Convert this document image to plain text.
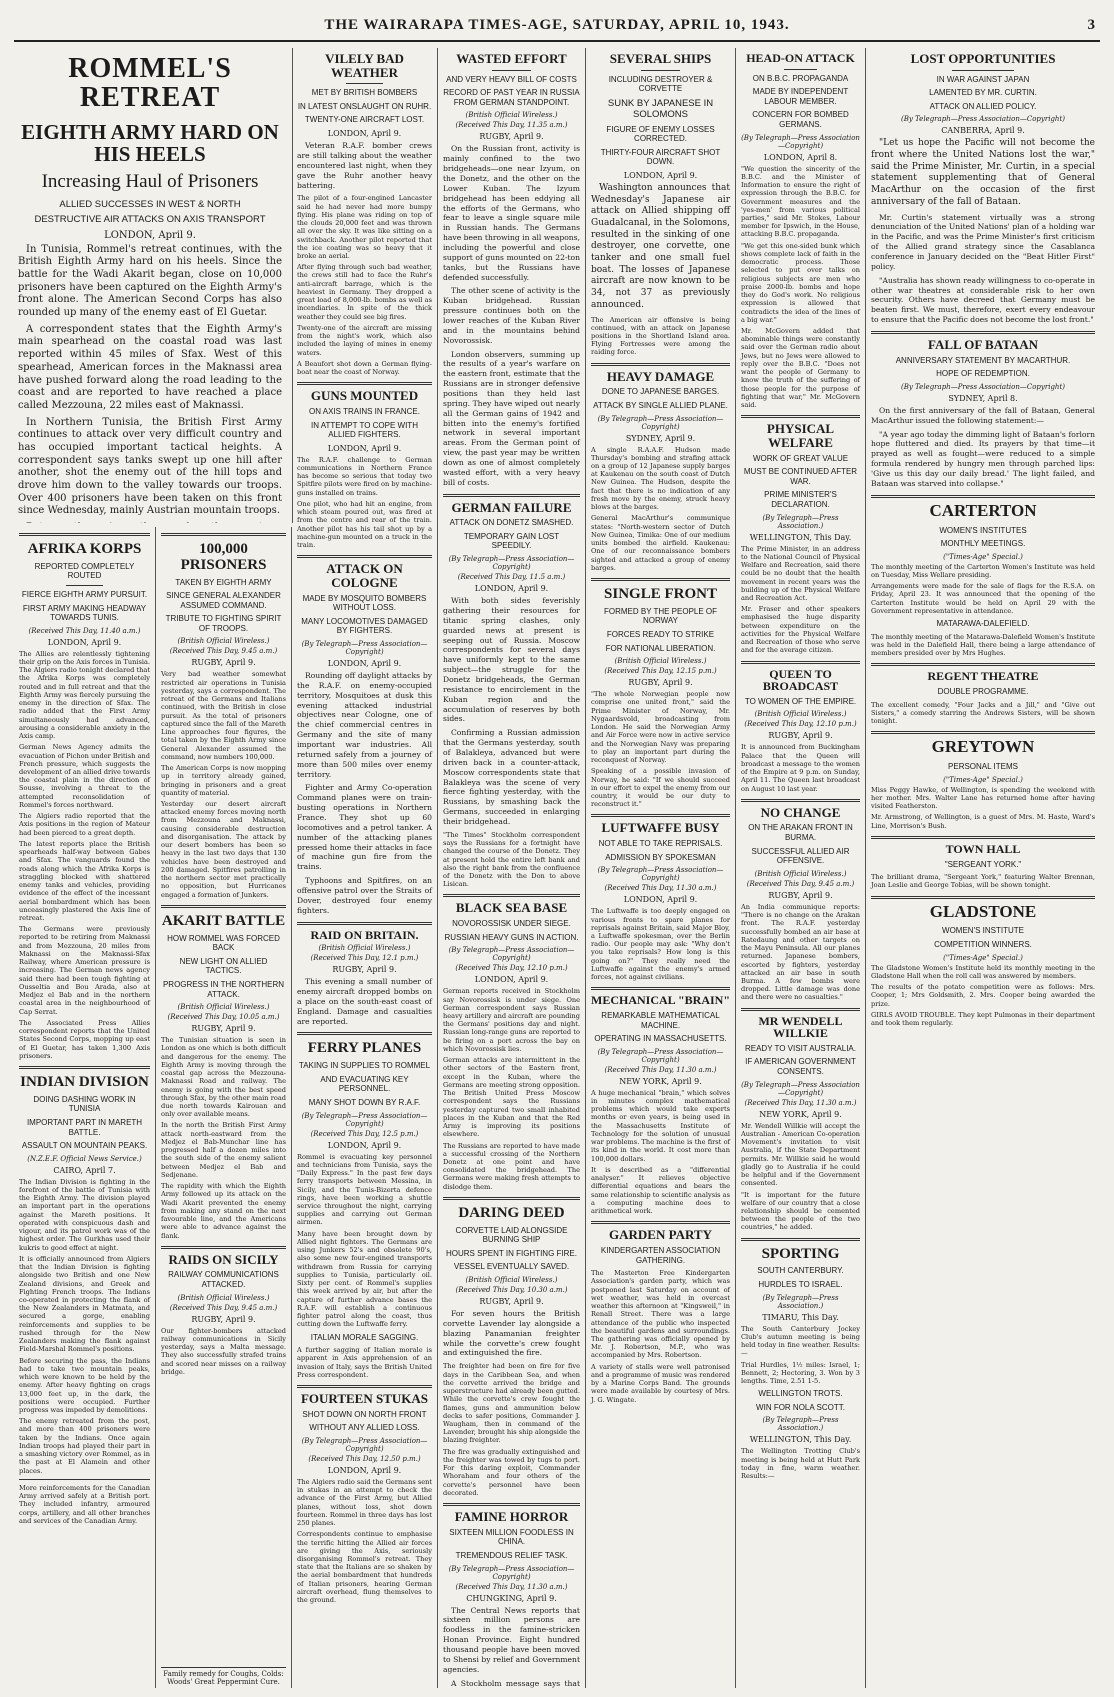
THE WAIRARAPA TIMES-AGE, SATURDAY, APRIL 10, 1943.	3
ROMMEL'S RETREAT
EIGHTH ARMY HARD ON HIS HEELS
Increasing Haul of Prisoners
ALLIED SUCCESSES IN WEST & NORTH
DESTRUCTIVE AIR ATTACKS ON AXIS TRANSPORT
LONDON, April 9.

In Tunisia, Rommel's retreat continues, with the British Eighth Army hard on his heels. Since the battle for the Wadi Akarit began, close on 10,000 prisoners have been captured on the Eighth Army's front alone. The American Second Corps has also rounded up many of the enemy east of El Guetar.

A correspondent states that the Eighth Army's main spearhead on the coastal road was last reported within 45 miles of Sfax. West of this spearhead, American forces in the Maknassi area have pushed forward along the road leading to the coast and are reported to have reached a place called Mezzouna, 22 miles east of Maknassi.

In Northern Tunisia, the British First Army continues to attack over very difficult country and has occupied important tactical heights. A correspondent says tanks swept up one hill after another, shot the enemy out of the hill tops and drove him down to the valley towards our troops. Over 400 prisoners have been taken on this front since Wednesday, mainly Austrian mountain troops.

AFRIKA KORPS
REPORTED COMPLETELY ROUTED
FIERCE EIGHTH ARMY PURSUIT.
FIRST ARMY MAKING HEADWAY TOWARDS TUNIS.
(Received This Day, 11.40 a.m.)
LONDON, April 9.

The Allies are relentlessly tightening their grip on the Axis forces in Tunisia. The Algiers radio tonight declared that the Afrika Korps was completely routed and in full retreat and that the Eighth Army was fiercely pursuing the enemy in the direction of Sfax. The radio added that the First Army simultaneously had advanced, arousing a considerable anxiety in the Axis camp.

German News Agency admits the evacuation of Pichon under British and French pressure, which suggests the development of an allied drive towards the coastal plain in the direction of Sousse, involving a threat to the attempted reconsolidation of Rommel's forces northward.

The Algiers radio reported that the Axis positions in the region of Mateur had been pierced to a great depth.

The latest reports place the British spearheads half-way between Gabes and Sfax. The vanguards found the roads along which the Afrika Korps is straggling blocked with shattered enemy tanks and vehicles, providing evidence of the effect of the incessant aerial bombardment which has been unceasingly plastered the Axis line of retreat.

The Germans were previously reported to be retiring from Maknassi and from Mezzouna, 20 miles from Maknassi on the Maknassi-Sfax Railway, where American pressure is increasing. The German news agency said there had been tough fighting at Ousseltia and Bou Arada, also at Medjez el Bab and in the northern coastal area in the neighbourhood of Cap Serrat.

The Associated Press Allies correspondent reports that the United States Second Corps, mopping up east of El Guetar, has taken 1,300 Axis prisoners.

INDIAN DIVISION
DOING DASHING WORK IN TUNISIA
IMPORTANT PART IN MARETH BATTLE.
ASSAULT ON MOUNTAIN PEAKS.
(N.Z.E.F. Official News Service.)
CAIRO, April 7.

The Indian Division is fighting in the forefront of the battle of Tunisia with the Eighth Army. The division played an important part in the operations against the Mareth positions. It operated with conspicuous dash and vigour, and its patrol work was of the highest order. The Gurkhas used their kukris to good effect at night.

It is officially announced from Algiers that the Indian Division is fighting alongside two British and one New Zealand divisions, and Greek and Fighting French troops. The Indians co-operated in protecting the flank of the New Zealanders in Matmata, and secured a gorge, enabling reinforcements and supplies to be rushed through for the New Zealanders making the flank against Field-Marshal Rommel's positions.

Before securing the pass, the Indians had to take two mountain peaks, which were known to be held by the enemy. After heavy fighting on crags 13,000 feet up, in the dark, the positions were occupied. Further progress was impeded by demolitions.

The enemy retreated from the post, and more than 400 prisoners were taken by the Indians. Once again Indian troops had played their part in a smashing victory over Rommel, as in the past at El Alamein and other places.

More reinforcements for the Canadian Army arrived safely at a British port. They included infantry, armoured corps, artillery, and all other branches and services of the Canadian Army.

100,000 PRISONERS
TAKEN BY EIGHTH ARMY
SINCE GENERAL ALEXANDER ASSUMED COMMAND.
TRIBUTE TO FIGHTING SPIRIT OF TROOPS.
(British Official Wireless.)
(Received This Day, 9.45 a.m.)
RUGBY, April 9.

Very bad weather somewhat restricted air operations in Tunisia yesterday, says a correspondent. The retreat of the Germans and Italians continued, with the British in close pursuit. As the total of prisoners captured since the fall of the Mareth Line approaches four figures, the total taken by the Eighth Army since General Alexander assumed the command, now numbers 100,000.

The American Corps is now mopping up in territory already gained, bringing in prisoners and a great quantity of material.

Yesterday our desert aircraft attacked enemy forces moving north from Mezzouna and Maknassi, causing considerable destruction and disorganisation. The attack by our desert bombers has been so heavy in the last two days that 130 vehicles have been destroyed and 200 damaged. Spitfires patrolling in the northern sector met practically no opposition, but Hurricanes engaged a formation of Junkers.

AKARIT BATTLE
HOW ROMMEL WAS FORCED BACK
NEW LIGHT ON ALLIED TACTICS.
PROGRESS IN THE NORTHERN ATTACK.
(British Official Wireless.)
(Received This Day, 10.05 a.m.)
RUGBY, April 9.

The Tunisian situation is seen in London as one which is both difficult and dangerous for the enemy. The Eighth Army is moving through the coastal gap across the Mezzouna-Maknassi Road and railway. The enemy is going with the best speed through Sfax, by the other main road due north towards Kairouan and only over available means.

In the north the British First Army attack north-eastward from the Medjez el Bab-Munchar line has progressed half a dozen miles into the south side of the enemy salient between Medjez el Bab and Sedjenane.

The rapidity with which the Eighth Army followed up its attack on the Wadi Akarit prevented the enemy from making any stand on the next favourable line, and the Americans were able to advance against the flank.

RAIDS ON SICILY
RAILWAY COMMUNICATIONS ATTACKED.
(British Official Wireless.)
(Received This Day, 9.45 a.m.)
RUGBY, April 9.

Our fighter-bombers attacked railway communications in Sicily yesterday, says a Malta message. They also successfully strafed trains and scored near misses on a railway bridge.

Family remedy for Coughs, Colds: Woods' Great Peppermint Cure.
VILELY BAD WEATHER
MET BY BRITISH BOMBERS
IN LATEST ONSLAUGHT ON RUHR.
TWENTY-ONE AIRCRAFT LOST.
LONDON, April 9.

Veteran R.A.F. bomber crews are still talking about the weather encountered last night, when they gave the Ruhr another heavy battering.

The pilot of a four-engined Lancaster said he had never had more bumpy flying. His plane was riding on top of the clouds 20,000 feet and was thrown all over the sky. It was like sitting on a switchback. Another pilot reported that the ice coating was so heavy that it broke an aerial.

After flying through such bad weather, the crews still had to face the Ruhr's anti-aircraft barrage, which is the heaviest in Germany. They dropped a great load of 8,000-lb. bombs as well as incendiaries. In spite of the thick weather they could see big fires.

Twenty-one of the aircraft are missing from the night's work, which also included the laying of mines in enemy waters.

A Beaufort shot down a German flying-boat near the coast of Norway.

GUNS MOUNTED
ON AXIS TRAINS IN FRANCE.
IN ATTEMPT TO COPE WITH ALLIED FIGHTERS.
LONDON, April 9.

The R.A.F. challenge to German communications in Northern France has become so serious that today two Spitfire pilots were fired on by machine-guns installed on trains.

One pilot, who had hit an engine, from which steam poured out, was fired at from the centre and rear of the train. Another pilot has his tail shot up by a machine-gun mounted on a truck in the train.

ATTACK ON COLOGNE
MADE BY MOSQUITO BOMBERS WITHOUT LOSS.
MANY LOCOMOTIVES DAMAGED BY FIGHTERS.
(By Telegraph—Press Association—Copyright)
LONDON, April 9.

Rounding off daylight attacks by the R.A.F. on enemy-occupied territory, Mosquitoes at dusk this evening attacked industrial objectives near Cologne, one of the chief commercial centres in Germany and the site of many important war industries. All returned safely from a journey of more than 500 miles over enemy territory.

Fighter and Army Co-operation Command planes were on train-busting operations in Northern France. They shot up 60 locomotives and a petrol tanker. A number of the attacking planes pressed home their attacks in face of machine gun fire from the trains.

Typhoons and Spitfires, on an offensive patrol over the Straits of Dover, destroyed four enemy fighters.

RAID ON BRITAIN.
(British Official Wireless.)
(Received This Day, 12.1 p.m.)
RUGBY, April 9.

This evening a small number of enemy aircraft dropped bombs on a place on the south-east coast of England. Damage and casualties are reported.

FERRY PLANES
TAKING IN SUPPLIES TO ROMMEL
AND EVACUATING KEY PERSONNEL.
MANY SHOT DOWN BY R.A.F.
(By Telegraph—Press Association—Copyright)
(Received This Day, 12.5 p.m.)
LONDON, April 9.

Rommel is evacuating key personnel and technicians from Tunisia, says the "Daily Express." In the past few days ferry transports between Messina, in Sicily, and the Tunis-Bizerta defence rings, have been working a shuttle service throughout the night, carrying supplies and carrying out German airmen.

Many have been brought down by Allied night fighters. The Germans are using Junkers 52's and obsolete 90's, also some new four-engined transports withdrawn from Russia for carrying supplies to Tunisia, particularly oil. Sixty per cent. of Rommel's supplies this week arrived by air, but after the capture of further advance bases the R.A.F. will establish a continuous fighter patrol along the coast, thus cutting down the Luftwaffe ferry.

ITALIAN MORALE SAGGING.

A further sagging of Italian morale is apparent in Axis apprehension of an invasion of Italy, says the British United Press correspondent.

FOURTEEN STUKAS
SHOT DOWN ON NORTH FRONT
WITHOUT ANY ALLIED LOSS.
(By Telegraph—Press Association—Copyright)
(Received This Day, 12.50 p.m.)
LONDON, April 9.

The Algiers radio said the Germans sent in stukas in an attempt to check the advance of the First Army, but Allied planes, without loss, shot down fourteen. Rommel in three days has lost 250 planes.

Correspondents continue to emphasise the terrific hitting the Allied air forces are giving the Axis, seriously disorganising Rommel's retreat. They state that the Italians are so shaken by the aerial bombardment that hundreds of Italian prisoners, hearing German aircraft overhead, flung themselves to the ground.

WASTED EFFORT
AND VERY HEAVY BILL OF COSTS
RECORD OF PAST YEAR IN RUSSIA FROM GERMAN STANDPOINT.
(British Official Wireless.)
(Received This Day, 11.35 a.m.)
RUGBY, April 9.

On the Russian front, activity is mainly confined to the two bridgeheads—one near Izyum, on the Donetz, and the other on the Lower Kuban. The Izyum bridgehead has been eddying all the efforts of the Germans, who fear to leave a single square mile in Russian hands. The Germans have been throwing in all weapons, including the powerful and close support of guns mounted on 22-ton tanks, but the Russians have defended successfully.

The other scene of activity is the Kuban bridgehead. Russian pressure continues both on the lower reaches of the Kuban River and in the mountains behind Novorossisk.

London observers, summing up the results of a year's warfare on the eastern front, estimate that the Russians are in stronger defensive positions than they held last spring. They have wiped out nearly all the German gains of 1942 and bitten into the enemy's fortified network in several important areas. From the German point of view, the past year may be written down as one of almost completely wasted effort, with a very heavy bill of costs.

GERMAN FAILURE
ATTACK ON DONETZ SMASHED.
TEMPORARY GAIN LOST SPEEDILY.
(By Telegraph—Press Association—Copyright)
(Received This Day, 11.5 a.m.)
LONDON, April 9.

With both sides feverishly gathering their resources for titanic spring clashes, only guarded news at present is seeping out of Russia. Moscow correspondents for several days have uniformly kept to the same subject—the struggle for the Donetz bridgeheads, the German resistance to encirclement in the Kuban region and the accumulation of reserves by both sides.

Confirming a Russian admission that the Germans yesterday, south of Balakleya, advanced but were driven back in a counter-attack, Moscow correspondents state that Balakleya was the scene of very fierce fighting yesterday, with the Russians, by smashing back the Germans, succeeded in enlarging their bridgehead.

"The Times" Stockholm correspondent says the Russians for a fortnight have changed the course of the Donetz. They at present hold the entire left bank and also the right bank from the confluence of the Donetz with the Don to above Lisican.

BLACK SEA BASE
NOVOROSSISK UNDER SIEGE.
RUSSIAN HEAVY GUNS IN ACTION.
(By Telegraph—Press Association—Copyright)
(Received This Day, 12.10 p.m.)
LONDON, April 9.

German reports received in Stockholm say Novorossisk is under siege. One German correspondent says Russian heavy artillery and aircraft are pounding the Germans' positions day and night. Russian long-range guns are reported to be firing on a port across the bay on which Novorossisk lies.

German attacks are intermittent in the other sectors of the Eastern front, except in the Kuban, where the Germans are meeting strong opposition. The British United Press Moscow correspondent says the Russians yesterday captured two small inhabited places in the Kuban and that the Red Army is improving its positions elsewhere.

The Russians are reported to have made a successful crossing of the Northern Donetz at one point and have consolidated the bridgehead. The Germans were making fresh attempts to dislodge them.

DARING DEED
CORVETTE LAID ALONGSIDE BURNING SHIP
HOURS SPENT IN FIGHTING FIRE.
VESSEL EVENTUALLY SAVED.
(British Official Wireless.)
(Received This Day, 10.30 a.m.)
RUGBY, April 9.

For seven hours the British corvette Lavender lay alongside a blazing Panamanian freighter while the corvette's crew fought and extinguished the fire.

The freighter had been on fire for five days in the Caribbean Sea, and when the corvette arrived the bridge and superstructure had already been gutted. While the corvette's crew fought the flames, guns and ammunition below decks to safer positions, Commander J. Waugham, then in command of the Lavender, brought his ship alongside the blazing freighter.

The fire was gradually extinguished and the freighter was towed by tugs to port. For this daring exploit, Commander Whoraham and four others of the corvette's personnel have been decorated.

FAMINE HORROR
SIXTEEN MILLION FOODLESS IN CHINA.
TREMENDOUS RELIEF TASK.
(By Telegraph—Press Association—Copyright)
(Received This Day, 11.30 a.m.)
CHUNGKING, April 9.

The Central News reports that sixteen million persons are foodless in the famine-stricken Honan Province. Eight hundred thousand people have been moved to Shensi by relief and Government agencies.

A Stockholm message says that

SEVERAL SHIPS
INCLUDING DESTROYER & CORVETTE
SUNK BY JAPANESE IN SOLOMONS
FIGURE OF ENEMY LOSSES CORRECTED.
THIRTY-FOUR AIRCRAFT SHOT DOWN.
LONDON, April 9.

Washington announces that Wednesday's Japanese air attack on Allied shipping off Guadalcanal, in the Solomons, resulted in the sinking of one destroyer, one corvette, one tanker and one small fuel boat. The losses of Japanese aircraft are now known to be 34, not 37 as previously announced.

The American air offensive is being continued, with an attack on Japanese positions in the Shortland Island area. Flying Fortresses were among the raiding force.

HEAVY DAMAGE
DONE TO JAPANESE BARGES.
ATTACK BY SINGLE ALLIED PLANE.
(By Telegraph—Press Association—Copyright)
SYDNEY, April 9.

A single R.A.A.F. Hudson made Thursday's bombing and strafing attack on a group of 12 Japanese supply barges at Kaukenau on the south coast of Dutch New Guinea. The Hudson, despite the fact that there is no indication of any fresh move by the enemy, struck heavy blows at the barges.

General MacArthur's communique states: "North-western sector of Dutch New Guinea, Timika: One of our medium units bombed the airfield. Kaukenau: One of our reconnaissance bombers sighted and attacked a group of enemy barges.

SINGLE FRONT
FORMED BY THE PEOPLE OF NORWAY
FORCES READY TO STRIKE
FOR NATIONAL LIBERATION.
(British Official Wireless.)
(Received This Day, 12.15 p.m.)
RUGBY, April 9.

"The whole Norwegian people now comprise one united front," said the Prime Minister of Norway, Mr. Nygaardsvold, broadcasting from London. He said the Norwegian Army and Air Force were now in active service and the Norwegian Navy was preparing to play an important part during the reconquest of Norway.

Speaking of a possible invasion of Norway, he said: "If we should succeed in our effort to expel the enemy from our country, it would be our duty to reconstruct it."

LUFTWAFFE BUSY
NOT ABLE TO TAKE REPRISALS.
ADMISSION BY SPOKESMAN
(By Telegraph—Press Association—Copyright)
(Received This Day, 11.30 a.m.)
LONDON, April 9.

The Luftwaffe is too deeply engaged on various fronts to spare planes for reprisals against Britain, said Major Bloy, a Luftwaffe spokesman, over the Berlin radio. Our people may ask: "Why don't you take reprisals? How long is this going on?" They really need the Luftwaffe against the enemy's armed forces, not against civilians.

MECHANICAL "BRAIN"
REMARKABLE MATHEMATICAL MACHINE.
OPERATING IN MASSACHUSETTS.
(By Telegraph—Press Association—Copyright)
(Received This Day, 11.30 a.m.)
NEW YORK, April 9.

A huge mechanical "brain," which solves in minutes complex mathematical problems which would take experts months or even years, is being used in the Massachusetts Institute of Technology for the solution of unusual war problems. The machine is the first of its kind in the world. It cost more than 100,000 dollars.

It is described as a "differential analyser." It relieves objective differential equations and bears the same relationship to scientific analysis as a computing machine does to arithmetical work.

GARDEN PARTY
KINDERGARTEN ASSOCIATION GATHERING.

The Masterton Free Kindergarten Association's garden party, which was postponed last Saturday on account of wet weather, was held in overcast weather this afternoon at "Kingsweil," in Renall Street. There was a large attendance of the public who inspected the beautiful gardens and surroundings. The gathering was officially opened by Mr. J. Robertson, M.P., who was accompanied by Mrs. Robertson.

A variety of stalls were well patronised and a programme of music was rendered by a Marine Corps Band. The grounds were made available by courtesy of Mrs. J. G. Wingate.

HEAD-ON ATTACK
ON B.B.C. PROPAGANDA
MADE BY INDEPENDENT LABOUR MEMBER.
CONCERN FOR BOMBED GERMANS.
(By Telegraph—Press Association—Copyright)
LONDON, April 8.

"We question the sincerity of the B.B.C. and the Minister of Information to ensure the right of expression through the B.B.C. for Government measures and the 'yes-men' from various political parties," said Mr. Stokes, Labour member for Ipswich, in the House, attacking B.B.C. propaganda.

"We get this one-sided bunk which shows complete lack of faith in the democratic process. Those selected to put over talks on religious subjects are men who praise 2000-lb. bombs and hope they do God's work. No religious expression is allowed that contradicts the idea of the lines of a big war."

Mr. McGovern added that abominable things were constantly said over the German radio about Jews, but no Jews were allowed to reply over the B.B.C. "Does not want the people of Germany to know the truth of the suffering of those people for the purpose of fighting that war," Mr. McGovern said.

PHYSICAL WELFARE
WORK OF GREAT VALUE
MUST BE CONTINUED AFTER WAR.
PRIME MINISTER'S DECLARATION.
(By Telegraph—Press Association.)
WELLINGTON, This Day.

The Prime Minister, in an address to the National Council of Physical Welfare and Recreation, said there could be no doubt that the health movement in recent years was the building up of the Physical Welfare and Recreation Act.

Mr. Fraser and other speakers emphasised the huge disparity between expenditure on the activities for the Physical Welfare and Recreation of those who serve and for the average citizen.

QUEEN TO BROADCAST
TO WOMEN OF THE EMPIRE.
(British Official Wireless.)
(Received This Day, 12.10 p.m.)
RUGBY, April 9.

It is announced from Buckingham Palace that the Queen will broadcast a message to the women of the Empire at 9 p.m. on Sunday, April 11. The Queen last broadcast on August 10 last year.

NO CHANGE
ON THE ARAKAN FRONT IN BURMA.
SUCCESSFUL ALLIED AIR OFFENSIVE.
(British Official Wireless.)
(Received This Day, 9.45 a.m.)
RUGBY, April 9.

An India communique reports: "There is no change on the Arakan front. The R.A.F. yesterday successfully bombed an air base at Ratedaung and other targets on the Mayu Peninsula. All our planes returned. Japanese bombers, escorted by fighters, yesterday attacked an air base in south Burma. A few bombs were dropped. Little damage was done and there were no casualties."

MR WENDELL WILLKIE
READY TO VISIT AUSTRALIA.
IF AMERICAN GOVERNMENT CONSENTS.
(By Telegraph—Press Association—Copyright)
(Received This Day, 11.30 a.m.)
NEW YORK, April 9.

Mr. Wendell Willkie will accept the Australian - American Co-operation Movement's invitation to visit Australia, if the State Department permits. Mr. Willkie said he would gladly go to Australia if he could be helpful and if the Government consented.

"It is important for the future welfare of our country that a close relationship should be cemented between the people of the two countries," he added.

SPORTING
SOUTH CANTERBURY.
HURDLES TO ISRAEL.
(By Telegraph—Press Association.)
TIMARU, This Day.

The South Canterbury Jockey Club's autumn meeting is being held today in fine weather. Results:—

Trial Hurdles, 1½ miles: Israel, 1; Bennett, 2; Hectoring, 3. Won by 3 lengths. Time, 2.51 1-5.

WELLINGTON TROTS.
WIN FOR NOLA SCOTT.
(By Telegraph—Press Association.)
WELLINGTON, This Day.

The Wellington Trotting Club's meeting is being held at Hutt Park today in fine, warm weather. Results:—

LOST OPPORTUNITIES
IN WAR AGAINST JAPAN
LAMENTED BY MR. CURTIN.
ATTACK ON ALLIED POLICY.
(By Telegraph—Press Association—Copyright)
CANBERRA, April 9.

"Let us hope the Pacific will not become the front where the United Nations lost the war," said the Prime Minister, Mr. Curtin, in a special statement supplementing that of General MacArthur on the occasion of the first anniversary of the fall of Bataan.

Mr. Curtin's statement virtually was a strong denunciation of the United Nations' plan of a holding war in the Pacific, and was the Prime Minister's first criticism of the Allied grand strategy since the Casablanca conference in January decided on the "Beat Hitler First" policy.

"Australia has shown ready willingness to co-operate in other war theatres at considerable risk to her own security. Others have decreed that Germany must be beaten first. We must, therefore, exert every endeavour to ensure that the Pacific does not become the lost front."

FALL OF BATAAN
ANNIVERSARY STATEMENT BY MACARTHUR.
HOPE OF REDEMPTION.
(By Telegraph—Press Association—Copyright)
SYDNEY, April 8.

On the first anniversary of the fall of Bataan, General MacArthur issued the following statement:—

"A year ago today the dimming light of Bataan's forlorn hope fluttered and died. Its prayers by that time—it prayed as well as fought—were reduced to a simple formula rendered by hungry men through parched lips: 'Give us this day our daily bread.' The light failed, and Bataan was starved into collapse."

CARTERTON
WOMEN'S INSTITUTES
MONTHLY MEETINGS.
("Times-Age" Special.)

The monthly meeting of the Carterton Women's Institute was held on Tuesday, Miss Wellare presiding.

Arrangements were made for the sale of flags for the R.S.A. on Friday, April 23. It was announced that the opening of the Carterton Institute would be held on April 29 with the Government representative in attendance.

MATARAWA-DALEFIELD.

The monthly meeting of the Matarawa-Dalefield Women's Institute was held in the Dalefield Hall, there being a large attendance of members presided over by Mrs Hughes.

REGENT THEATRE
DOUBLE PROGRAMME.

The excellent comedy, "Four Jacks and a Jill," and "Give out Sisters," a comedy starring the Andrews Sisters, will be shown tonight.

GREYTOWN
PERSONAL ITEMS
("Times-Age" Special.)

Miss Peggy Hawke, of Wellington, is spending the weekend with her mother. Mrs. Walter Lane has returned home after having visited Featherston.

Mr. Armstrong, of Wellington, is a guest of Mrs. M. Haste, Ward's Line, Morrison's Bush.

TOWN HALL
"SERGEANT YORK."

The brilliant drama, "Sergeant York," featuring Walter Brennan, Joan Leslie and George Tobias, will be shown tonight.

GLADSTONE
WOMEN'S INSTITUTE
COMPETITION WINNERS.
("Times-Age" Special.)

The Gladstone Women's Institute held its monthly meeting in the Gladstone Hall when the roll call was answered by members.

The results of the potato competition were as follows: Mrs. Cooper, 1; Mrs Goldsmith, 2. Mrs. Cooper being awarded the prize.

GIRLS AVOID TROUBLE. They kept Pulmonas in their department and took them regularly.
